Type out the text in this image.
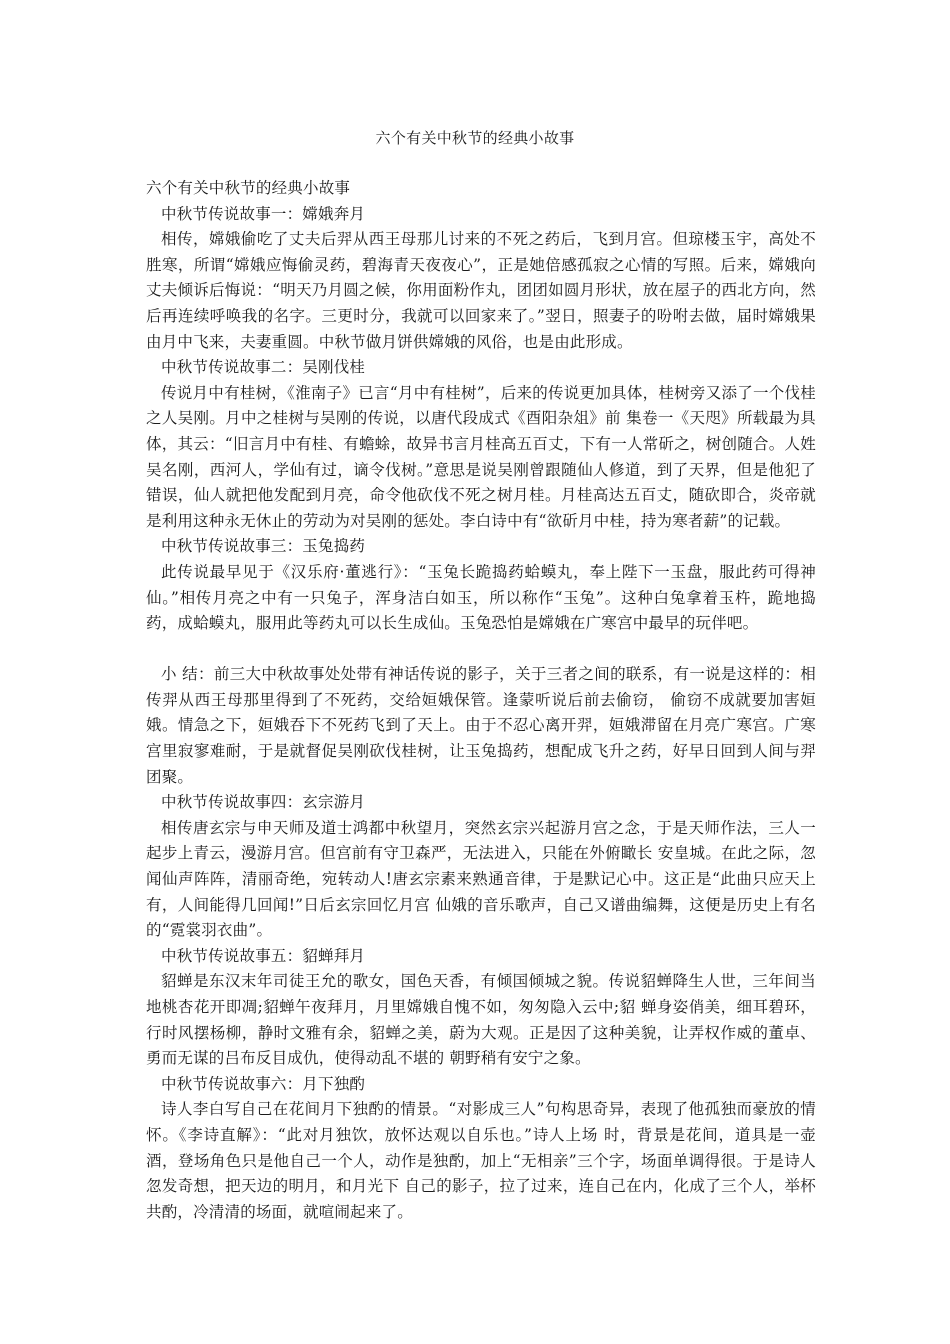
六个有关中秋节的经典小故事

六个有关中秋节的经典小故事

中秋节传说故事一：嫦娥奔月

相传，嫦娥偷吃了丈夫后羿从西王母那儿讨来的不死之药后，飞到月宫。但琼楼玉宇，高处不胜寒，所谓“嫦娥应悔偷灵药，碧海青天夜夜心”，正是她倍感孤寂之心情的写照。后来，嫦娥向丈夫倾诉后悔说：“明天乃月圆之候，你用面粉作丸，团团如圆月形状，放在屋子的西北方向，然后再连续呼唤我的名字。三更时分，我就可以回家来了。”翌日，照妻子的吩咐去做，届时嫦娥果由月中飞来，夫妻重圆。中秋节做月饼供嫦娥的风俗，也是由此形成。

中秋节传说故事二：吴刚伐桂

传说月中有桂树，《淮南子》已言“月中有桂树”，后来的传说更加具体，桂树旁又添了一个伐桂之人吴刚。月中之桂树与吴刚的传说，以唐代段成式《酉阳杂俎》前 集卷一《天咫》所载最为具体，其云：“旧言月中有桂、有蟾蜍，故异书言月桂高五百丈，下有一人常斫之，树创随合。人姓吴名刚，西河人，学仙有过，谪令伐树。”意思是说吴刚曾跟随仙人修道，到了天界，但是他犯了错误，仙人就把他发配到月亮，命令他砍伐不死之树月桂。月桂高达五百丈，随砍即合，炎帝就是利用这种永无休止的劳动为对吴刚的惩处。李白诗中有“欲斫月中桂，持为寒者薪”的记载。

中秋节传说故事三：玉兔捣药

此传说最早见于《汉乐府·董逃行》：“玉兔长跪捣药蛤蟆丸，奉上陛下一玉盘，服此药可得神仙。”相传月亮之中有一只兔子，浑身洁白如玉，所以称作“玉兔”。这种白兔拿着玉杵，跪地捣药，成蛤蟆丸，服用此等药丸可以长生成仙。玉兔恐怕是嫦娥在广寒宫中最早的玩伴吧。

小 结：前三大中秋故事处处带有神话传说的影子，关于三者之间的联系，有一说是这样的：相传羿从西王母那里得到了不死药，交给姮娥保管。逢蒙听说后前去偷窃， 偷窃不成就要加害姮娥。情急之下，姮娥吞下不死药飞到了天上。由于不忍心离开羿，姮娥滞留在月亮广寒宫。广寒宫里寂寥难耐，于是就督促吴刚砍伐桂树，让玉兔捣药，想配成飞升之药，好早日回到人间与羿团聚。

中秋节传说故事四：玄宗游月

相传唐玄宗与申天师及道士鸿都中秋望月，突然玄宗兴起游月宫之念，于是天师作法，三人一起步上青云，漫游月宫。但宫前有守卫森严，无法进入，只能在外俯瞰长 安皇城。在此之际，忽闻仙声阵阵，清丽奇绝，宛转动人!唐玄宗素来熟通音律，于是默记心中。这正是“此曲只应天上有，人间能得几回闻!”日后玄宗回忆月宫 仙娥的音乐歌声，自己又谱曲编舞，这便是历史上有名的“霓裳羽衣曲”。

中秋节传说故事五：貂蝉拜月

貂蝉是东汉末年司徒王允的歌女，国色天香，有倾国倾城之貌。传说貂蝉降生人世，三年间当地桃杏花开即凋;貂蝉午夜拜月，月里嫦娥自愧不如，匆匆隐入云中;貂 蝉身姿俏美，细耳碧环，行时风摆杨柳，静时文雅有余，貂蝉之美，蔚为大观。正是因了这种美貌，让弄权作威的董卓、勇而无谋的吕布反目成仇，使得动乱不堪的 朝野稍有安宁之象。

中秋节传说故事六：月下独酌

诗人李白写自己在花间月下独酌的情景。“对影成三人”句构思奇异，表现了他孤独而豪放的情怀。《李诗直解》：“此对月独饮，放怀达观以自乐也。”诗人上场 时，背景是花间，道具是一壶酒，登场角色只是他自己一个人，动作是独酌，加上“无相亲”三个字，场面单调得很。于是诗人忽发奇想，把天边的明月，和月光下 自己的影子，拉了过来，连自己在内，化成了三个人，举杯共酌，冷清清的场面，就喧闹起来了。
